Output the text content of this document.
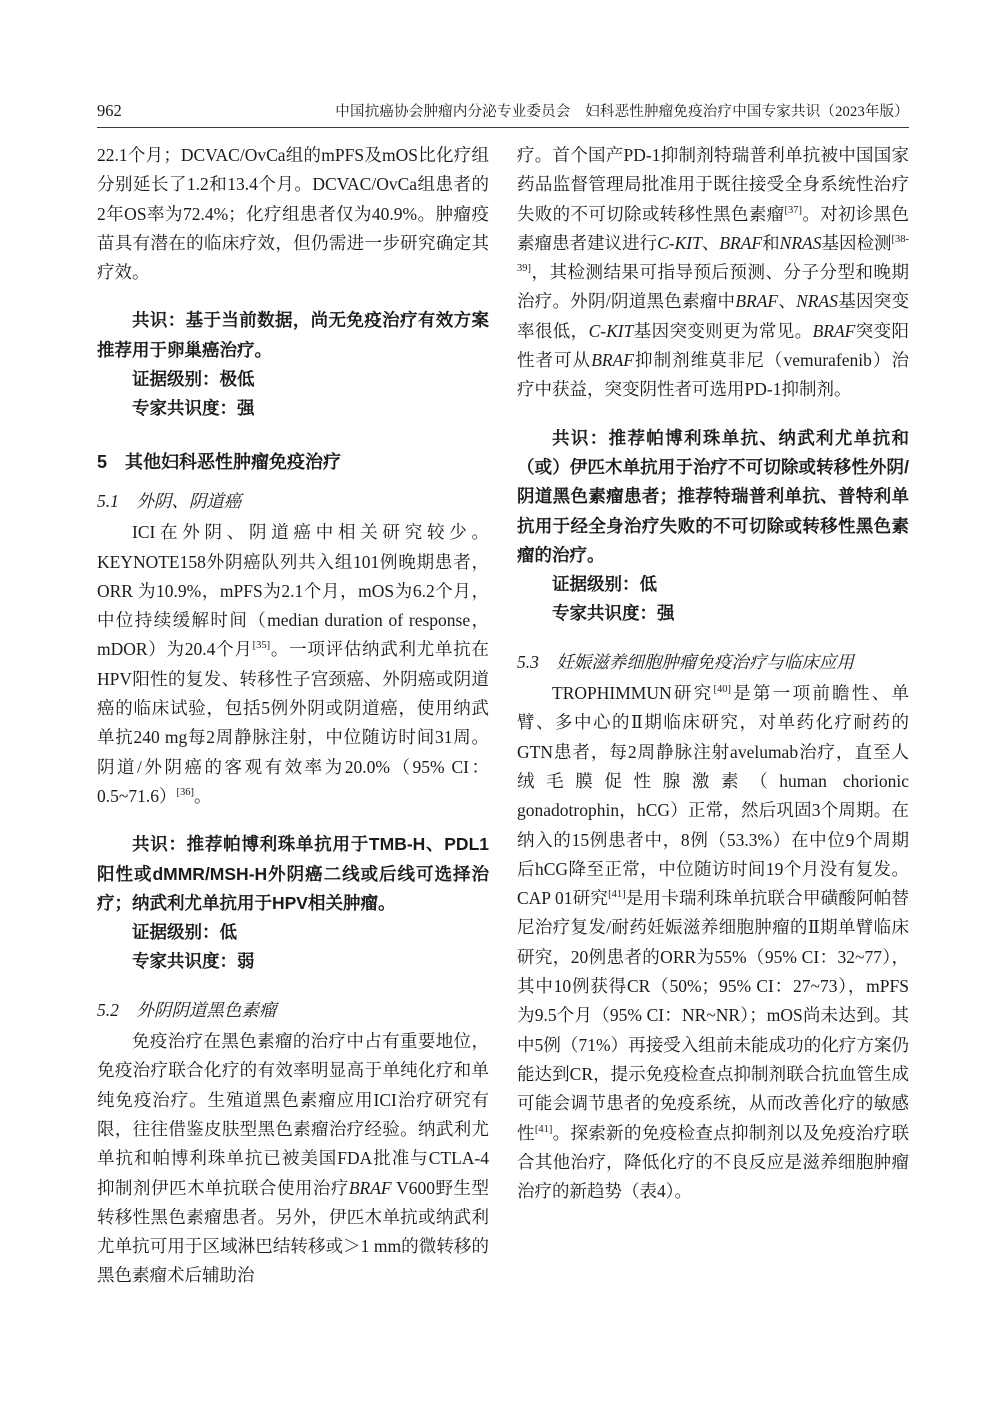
962	中国抗癌协会肿瘤内分泌专业委员会　妇科恶性肿瘤免疫治疗中国专家共识（2023年版）

22.1个月；DCVAC/OvCa组的mPFS及mOS比化疗组分别延长了1.2和13.4个月。DCVAC/OvCa组患者的2年OS率为72.4%；化疗组患者仅为40.9%。肿瘤疫苗具有潜在的临床疗效，但仍需进一步研究确定其疗效。

共识：基于当前数据，尚无免疫治疗有效方案推荐用于卵巢癌治疗。

证据级别：极低

专家共识度：强

5　其他妇科恶性肿瘤免疫治疗
5.1　外阴、阴道癌

ICI在外阴、阴道癌中相关研究较少。KEYNOTE158外阴癌队列共入组101例晚期患者，ORR 为10.9%，mPFS为2.1个月，mOS为6.2个月，中位持续缓解时间（median duration of response，mDOR）为20.4个月[35]。一项评估纳武利尤单抗在HPV阳性的复发、转移性子宫颈癌、外阴癌或阴道癌的临床试验，包括5例外阴或阴道癌，使用纳武单抗240 mg每2周静脉注射，中位随访时间31周。阴道/外阴癌的客观有效率为20.0%（95% CI：0.5~71.6）[36]。

共识：推荐帕博利珠单抗用于TMB-H、PDL1阳性或dMMR/MSH-H外阴癌二线或后线可选择治疗；纳武利尤单抗用于HPV相关肿瘤。

证据级别：低

专家共识度：弱

5.2　外阴阴道黑色素瘤

免疫治疗在黑色素瘤的治疗中占有重要地位，免疫治疗联合化疗的有效率明显高于单纯化疗和单纯免疫治疗。生殖道黑色素瘤应用ICI治疗研究有限，往往借鉴皮肤型黑色素瘤治疗经验。纳武利尤单抗和帕博利珠单抗已被美国FDA批准与CTLA-4抑制剂伊匹木单抗联合使用治疗BRAF V600野生型转移性黑色素瘤患者。另外，伊匹木单抗或纳武利尤单抗可用于区域淋巴结转移或＞1 mm的微转移的黑色素瘤术后辅助治

疗。首个国产PD-1抑制剂特瑞普利单抗被中国国家药品监督管理局批准用于既往接受全身系统性治疗失败的不可切除或转移性黑色素瘤[37]。对初诊黑色素瘤患者建议进行C-KIT、BRAF和NRAS基因检测[38-39]，其检测结果可指导预后预测、分子分型和晚期治疗。外阴/阴道黑色素瘤中BRAF、NRAS基因突变率很低，C-KIT基因突变则更为常见。BRAF突变阳性者可从BRAF抑制剂维莫非尼（vemurafenib）治疗中获益，突变阴性者可选用PD-1抑制剂。

共识：推荐帕博利珠单抗、纳武利尤单抗和（或）伊匹木单抗用于治疗不可切除或转移性外阴/阴道黑色素瘤患者；推荐特瑞普利单抗、普特利单抗用于经全身治疗失败的不可切除或转移性黑色素瘤的治疗。

证据级别：低

专家共识度：强

5.3　妊娠滋养细胞肿瘤免疫治疗与临床应用

TROPHIMMUN研究[40]是第一项前瞻性、单臂、多中心的Ⅱ期临床研究，对单药化疗耐药的GTN患者，每2周静脉注射avelumab治疗，直至人绒毛膜促性腺激素（human chorionic gonadotrophin，hCG）正常，然后巩固3个周期。在纳入的15例患者中，8例（53.3%）在中位9个周期后hCG降至正常，中位随访时间19个月没有复发。CAP 01研究[41]是用卡瑞利珠单抗联合甲磺酸阿帕替尼治疗复发/耐药妊娠滋养细胞肿瘤的Ⅱ期单臂临床研究，20例患者的ORR为55%（95% CI：32~77），其中10例获得CR（50%；95% CI：27~73），mPFS为9.5个月（95% CI：NR~NR）；mOS尚未达到。其中5例（71%）再接受入组前未能成功的化疗方案仍能达到CR，提示免疫检查点抑制剂联合抗血管生成可能会调节患者的免疫系统，从而改善化疗的敏感性[41]。探索新的免疫检查点抑制剂以及免疫治疗联合其他治疗，降低化疗的不良反应是滋养细胞肿瘤治疗的新趋势（表4）。
